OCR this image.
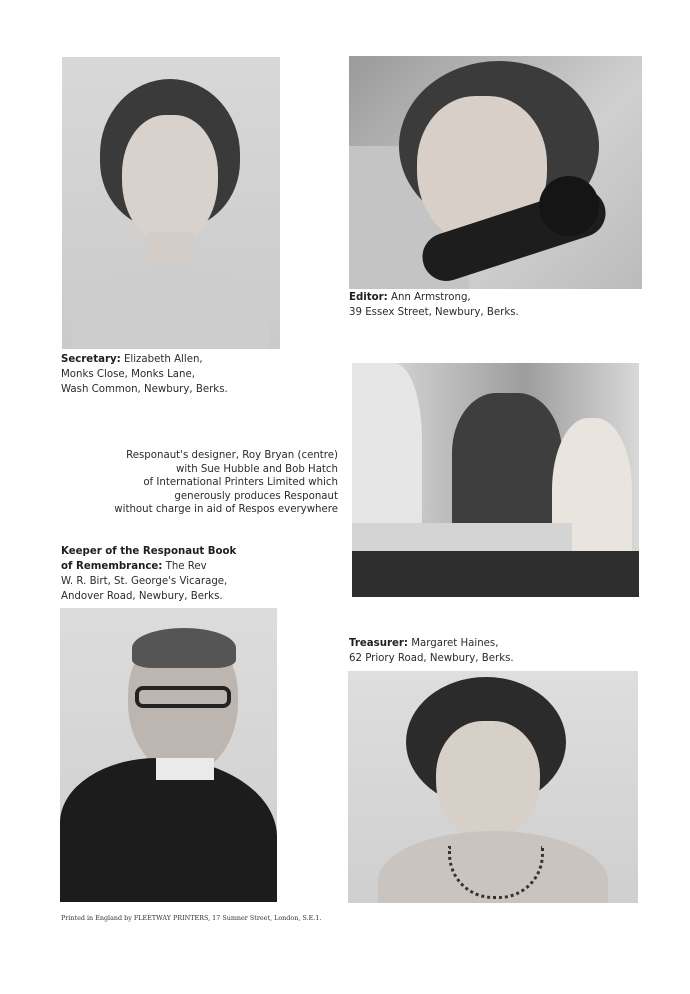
Editor: Ann Armstrong,
39 Essex Street, Newbury, Berks.
Secretary: Elizabeth Allen,
Monks Close, Monks Lane,
Wash Common, Newbury, Berks.
Responaut's designer, Roy Bryan (centre)
with Sue Hubble and Bob Hatch
of International Printers Limited which
generously produces Responaut
without charge in aid of Respos everywhere
Keeper of the Responaut Book
of Remembrance: The Rev
W. R. Birt, St. George's Vicarage,
Andover Road, Newbury, Berks.
Treasurer: Margaret Haines,
62 Priory Road, Newbury, Berks.
Printed in England by FLEETWAY PRINTERS, 17 Sumner Street, London, S.E.1.
